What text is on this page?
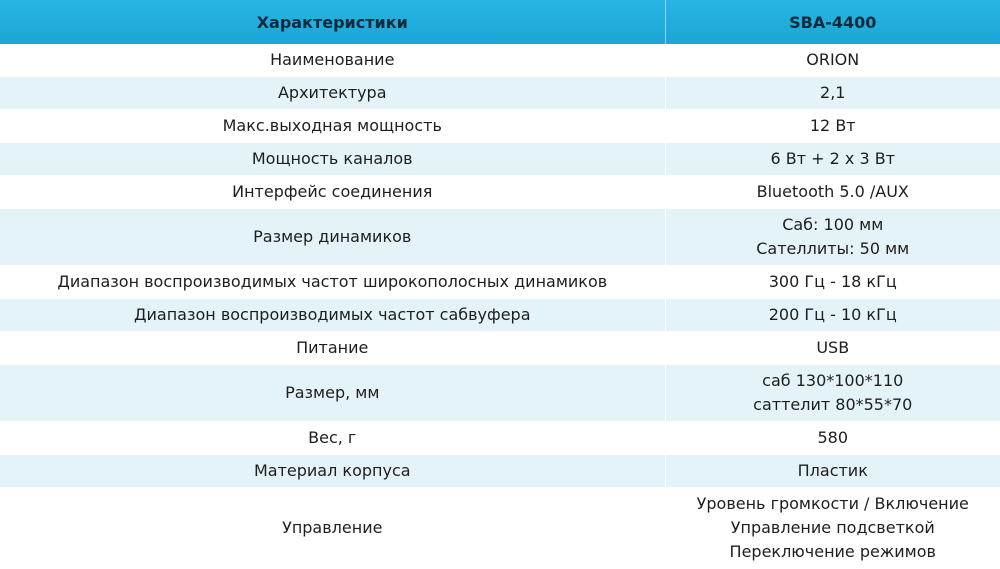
Характеристики	SBA-4400
Наименование	ORION

Архитектура	2,1

Макс.выходная мощность	12 Вт

Мощность каналов	6 Вт + 2 х 3 Вт

Интерфейс соединения	Bluetooth 5.0 /AUX

Размер динамиков	Саб: 100 мм
Сателлиты: 50 мм

Диапазон воспроизводимых частот широкополосных динамиков	300 Гц - 18 кГц

Диапазон воспроизводимых частот сабвуфера	200 Гц - 10 кГц

Питание	USB

Размер, мм	саб 130*100*110
саттелит 80*55*70

Вес, г	580

Материал корпуса	Пластик

Управление	Уровень громкости / Включение
Управление подсветкой
Переключение режимов
